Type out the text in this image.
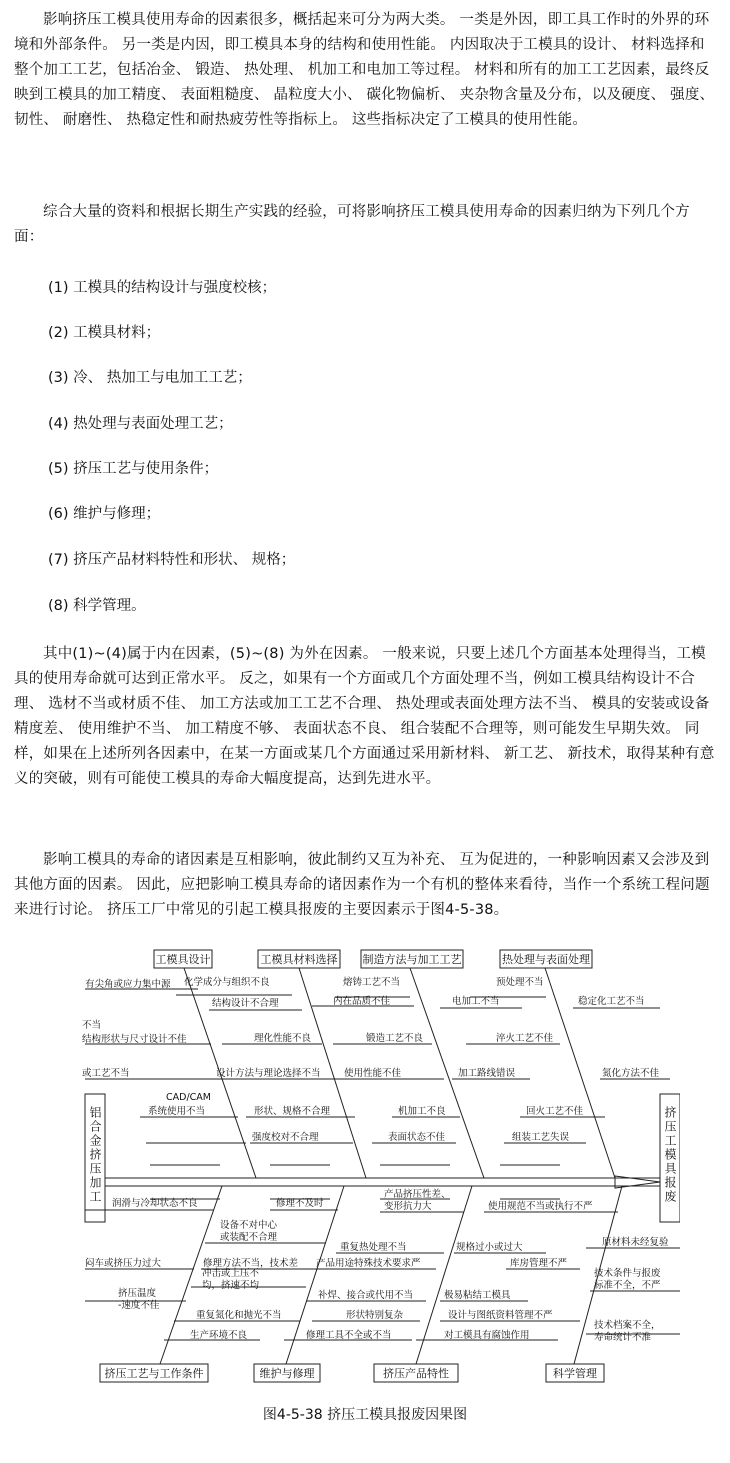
影响挤压工模具使用寿命的因素很多，概括起来可分为两大类。 一类是外因，即工具工作时的外界的环境和外部条件。 另一类是内因，即工模具本身的结构和使用性能。 内因取决于工模具的设计、 材料选择和整个加工工艺，包括冶金、 锻造、 热处理、 机加工和电加工等过程。 材料和所有的加工工艺因素，最终反映到工模具的加工精度、 表面粗糙度、 晶粒度大小、 碳化物偏析、 夹杂物含量及分布，以及硬度、 强度、 韧性、 耐磨性、 热稳定性和耐热疲劳性等指标上。 这些指标决定了工模具的使用性能。

综合大量的资料和根据长期生产实践的经验，可将影响挤压工模具使用寿命的因素归纳为下列几个方面：

(1) 工模具的结构设计与强度校核；
(2) 工模具材料；
(3) 冷、 热加工与电加工工艺；
(4) 热处理与表面处理工艺；
(5) 挤压工艺与使用条件；
(6) 维护与修理；
(7) 挤压产品材料特性和形状、 规格；
(8) 科学管理。

其中(1)~(4)属于内在因素，(5)~(8) 为外在因素。 一般来说，只要上述几个方面基本处理得当，工模具的使用寿命就可达到正常水平。 反之，如果有一个方面或几个方面处理不当，例如工模具结构设计不合理、 选材不当或材质不佳、 加工方法或加工工艺不合理、 热处理或表面处理方法不当、 模具的安装或设备精度差、 使用维护不当、 加工精度不够、 表面状态不良、 组合装配不合理等，则可能发生早期失效。 同样，如果在上述所列各因素中，在某一方面或某几个方面通过采用新材料、 新工艺、 新技术，取得某种有意义的突破，则有可能使工模具的寿命大幅度提高，达到先进水平。

影响工模具的寿命的诸因素是互相影响，彼此制约又互为补充、 互为促进的，一种影响因素又会涉及到其他方面的因素。 因此，应把影响工模具寿命的诸因素作为一个有机的整体来看待，当作一个系统工程问题来进行讨论。 挤压工厂中常见的引起工模具报废的主要因素示于图4-5-38。

铝合金挤压加工	挤压工模具报废
工模具设计	工模具材料选择 制造方法与加工工艺	热处理与表面处理
挤压工艺与工作条件	维护与修理	挤压产品特性	科学管理
有尖角或应力集中源 化学成分与组织不良	熔铸工艺不当	预处理不当
结构设计不合理	内在品质不佳	电加工不当	稳定化工艺不当
不当
结构形状与尺寸设计不佳	理化性能不良	锻造工艺不良	淬火工艺不佳
或工艺不当	设计方法与理论选择不当 使用性能不佳	加工路线错误	氮化方法不佳
CAD/CAM
系统使用不当	形状、规格不合理	机加工不良	回火工艺不佳
强度校对不合理	表面状态不佳	组装工艺失误
润滑与冷却状态不良	修理不及时
产品挤压性差、
变形抗力大	使用规范不当或执行不严
设备不对中心
或装配不合理
重复热处理不当	规格过小或过大	原材料未经复验
闷车或挤压力过大	修理方法不当，技术差 产品用途特殊技术要求严	库房管理不严
冲击或上压不
均，挤速不均
技术条件与报废
标准不全，不严
挤压温度
-速度不佳
补焊、接合或代用不当	极易粘结工模具
重复氮化和抛光不当	形状特别复杂	设计与图纸资料管理不严
技术档案不全，
寿命统计不准
生产环境不良	修理工具不全或不当	对工模具有腐蚀作用
图4-5-38 挤压工模具报废因果图
